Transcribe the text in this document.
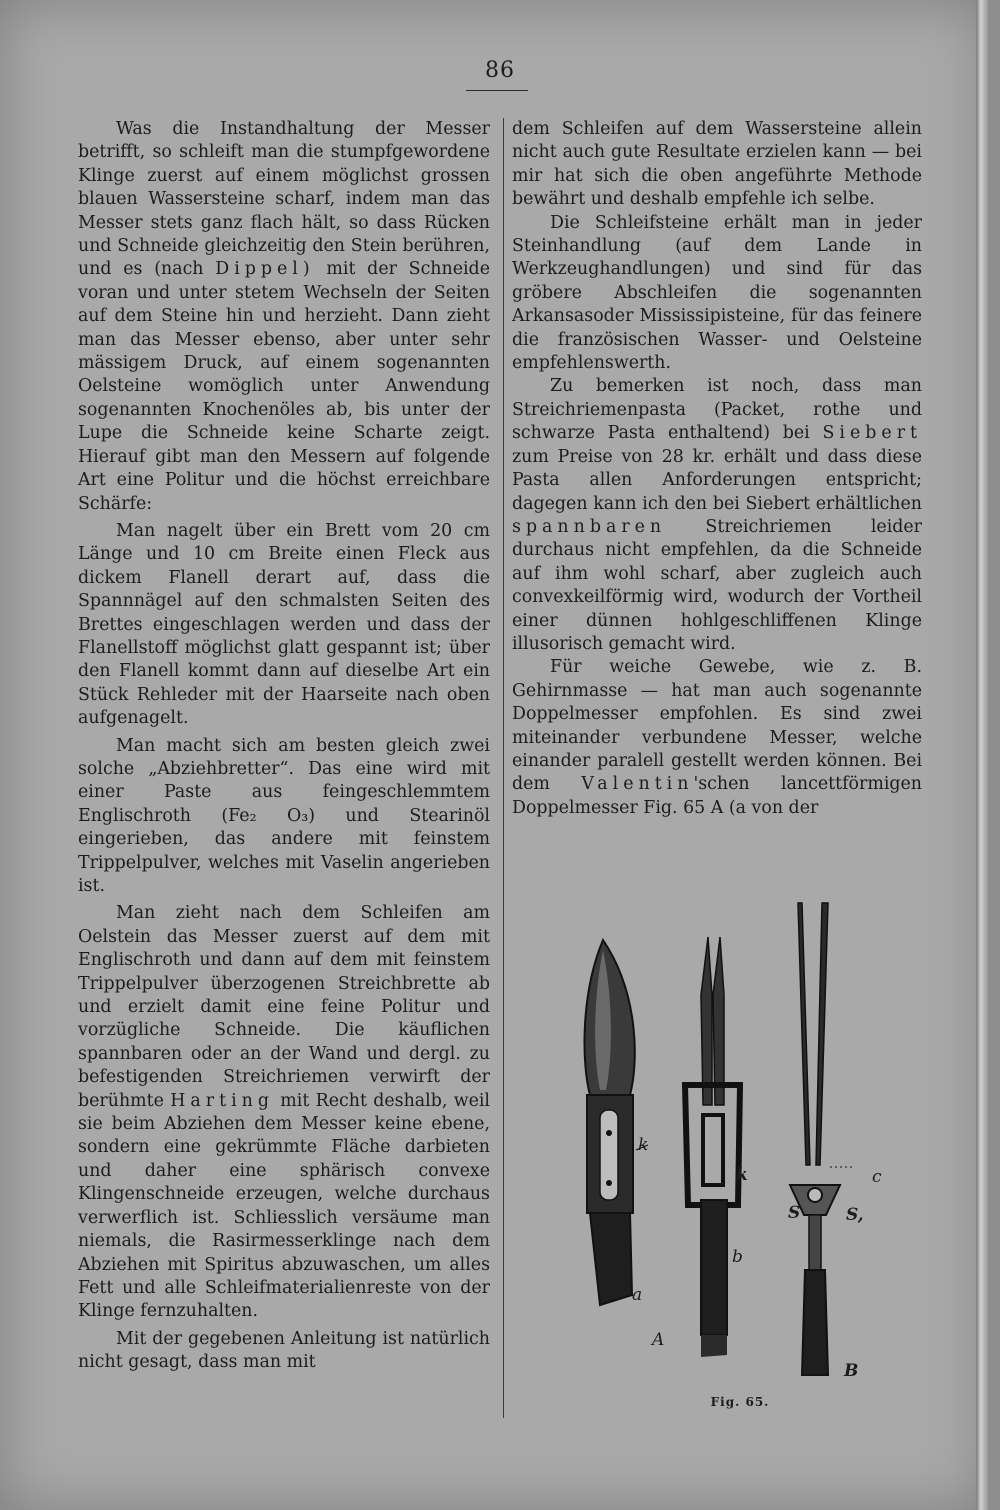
86

Was die Instandhaltung der Messer betrifft, so schleift man die stumpfgewordene Klinge zuerst auf einem möglichst grossen blauen Wassersteine scharf, indem man das Messer stets ganz flach hält, so dass Rücken und Schneide gleichzeitig den Stein berühren, und es (nach Dippel) mit der Schneide voran und unter stetem Wechseln der Seiten auf dem Steine hin und herzieht. Dann zieht man das Messer ebenso, aber unter sehr mässigem Druck, auf einem sogenannten Oelsteine womöglich unter Anwendung sogenannten Knochenöles ab, bis unter der Lupe die Schneide keine Scharte zeigt. Hierauf gibt man den Messern auf folgende Art eine Politur und die höchst erreichbare Schärfe:

Man nagelt über ein Brett vom 20 cm Länge und 10 cm Breite einen Fleck aus dickem Flanell derart auf, dass die Spannnägel auf den schmalsten Seiten des Brettes eingeschlagen werden und dass der Flanellstoff möglichst glatt gespannt ist; über den Flanell kommt dann auf dieselbe Art ein Stück Rehleder mit der Haarseite nach oben aufgenagelt.

Man macht sich am besten gleich zwei solche „Abziehbretter“. Das eine wird mit einer Paste aus feingeschlemmtem Englischroth (Fe₂ O₃) und Stearinöl eingerieben, das andere mit feinstem Trippelpulver, welches mit Vaselin angerieben ist.

Man zieht nach dem Schleifen am Oelstein das Messer zuerst auf dem mit Englischroth und dann auf dem mit feinstem Trippelpulver überzogenen Streichbrette ab und erzielt damit eine feine Politur und vorzügliche Schneide. Die käuflichen spannbaren oder an der Wand und dergl. zu befestigenden Streichriemen verwirft der berühmte Harting mit Recht deshalb, weil sie beim Abziehen dem Messer keine ebene, sondern eine gekrümmte Fläche darbieten und daher eine sphärisch convexe Klingenschneide erzeugen, welche durchaus verwerflich ist. Schliesslich versäume man niemals, die Rasirmesserklinge nach dem Abziehen mit Spiritus abzuwaschen, um alles Fett und alle Schleifmaterialienreste von der Klinge fernzuhalten.

Mit der gegebenen Anleitung ist natürlich nicht gesagt, dass man mit

dem Schleifen auf dem Wassersteine allein nicht auch gute Resultate erzielen kann — bei mir hat sich die oben angeführte Methode bewährt und deshalb empfehle ich selbe.

Die Schleifsteine erhält man in jeder Steinhandlung (auf dem Lande in Werkzeughandlungen) und sind für das gröbere Abschleifen die sogenannten Arkansasoder Mississipisteine, für das feinere die französischen Wasser- und Oelsteine empfehlenswerth.

Zu bemerken ist noch, dass man Streichriemenpasta (Packet, rothe und schwarze Pasta enthaltend) bei Siebert zum Preise von 28 kr. erhält und dass diese Pasta allen Anforderungen entspricht; dagegen kann ich den bei Siebert erhältlichen spannbaren Streichriemen leider durchaus nicht empfehlen, da die Schneide auf ihm wohl scharf, aber zugleich auch convexkeilförmig wird, wodurch der Vortheil einer dünnen hohlgeschliffenen Klinge illusorisch gemacht wird.

Für weiche Gewebe, wie z. B. Gehirnmasse — hat man auch sogenannte Doppelmesser empfohlen. Es sind zwei miteinander verbundene Messer, welche einander paralell gestellt werden können. Bei dem Valentin'schen lancettförmigen Doppelmesser Fig. 65 A (a von der

k
a
A
k
b
c
S	S,
B
Fig. 65.
